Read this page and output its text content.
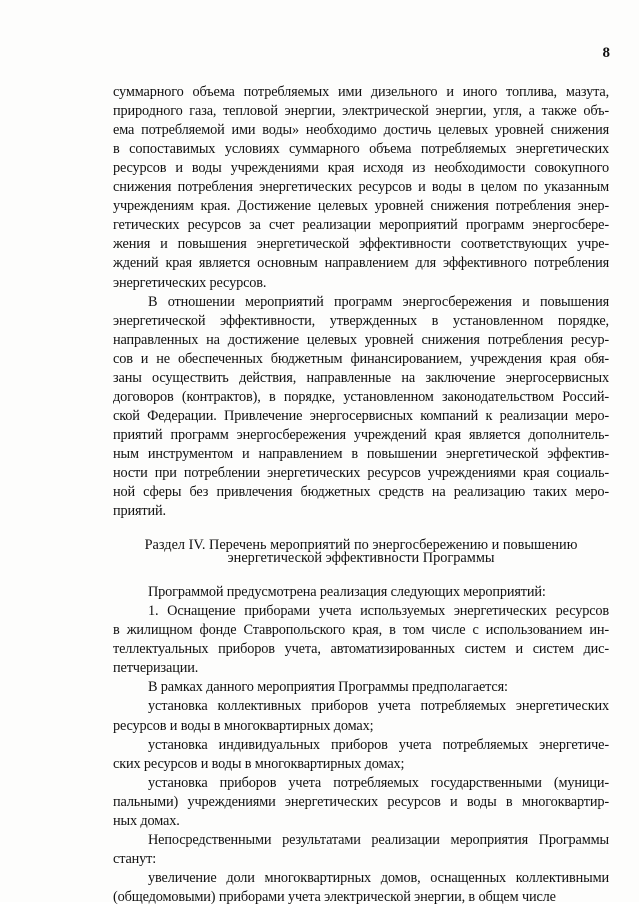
8
суммарного объема потребляемых ими дизельного и иного топлива, мазута,
природного газа, тепловой энергии, электрической энергии, угля, а также объ-
ема потребляемой ими воды» необходимо достичь целевых уровней снижения
в сопоставимых условиях суммарного объема потребляемых энергетических
ресурсов и воды учреждениями края исходя из необходимости совокупного
снижения потребления энергетических ресурсов и воды в целом по указанным
учреждениям края. Достижение целевых уровней снижения потребления энер-
гетических ресурсов за счет реализации мероприятий программ энергосбере-
жения и повышения энергетической эффективности соответствующих учре-
ждений края является основным направлением для эффективного потребления
энергетических ресурсов.
В отношении мероприятий программ энергосбережения и повышения
энергетической эффективности, утвержденных в установленном порядке,
направленных на достижение целевых уровней снижения потребления ресур-
сов и не обеспеченных бюджетным финансированием, учреждения края обя-
заны осуществить действия, направленные на заключение энергосервисных
договоров (контрактов), в порядке, установленном законодательством Россий-
ской Федерации. Привлечение энергосервисных компаний к реализации меро-
приятий программ энергосбережения учреждений края является дополнитель-
ным инструментом и направлением в повышении энергетической эффектив-
ности при потреблении энергетических ресурсов учреждениями края социаль-
ной сферы без привлечения бюджетных средств на реализацию таких меро-
приятий.
Раздел IV. Перечень мероприятий по энергосбережению и повышению
энергетической эффективности Программы
Программой предусмотрена реализация следующих мероприятий:
1. Оснащение приборами учета используемых энергетических ресурсов
в жилищном фонде Ставропольского края, в том числе с использованием ин-
теллектуальных приборов учета, автоматизированных систем и систем дис-
петчеризации.
В рамках данного мероприятия Программы предполагается:
установка коллективных приборов учета потребляемых энергетических
ресурсов и воды в многоквартирных домах;
установка индивидуальных приборов учета потребляемых энергетиче-
ских ресурсов и воды в многоквартирных домах;
установка приборов учета потребляемых государственными (муници-
пальными) учреждениями энергетических ресурсов и воды в многоквартир-
ных домах.
Непосредственными результатами реализации мероприятия Программы
станут:
увеличение доли многоквартирных домов, оснащенных коллективными
(общедомовыми) приборами учета электрической энергии, в общем числе
